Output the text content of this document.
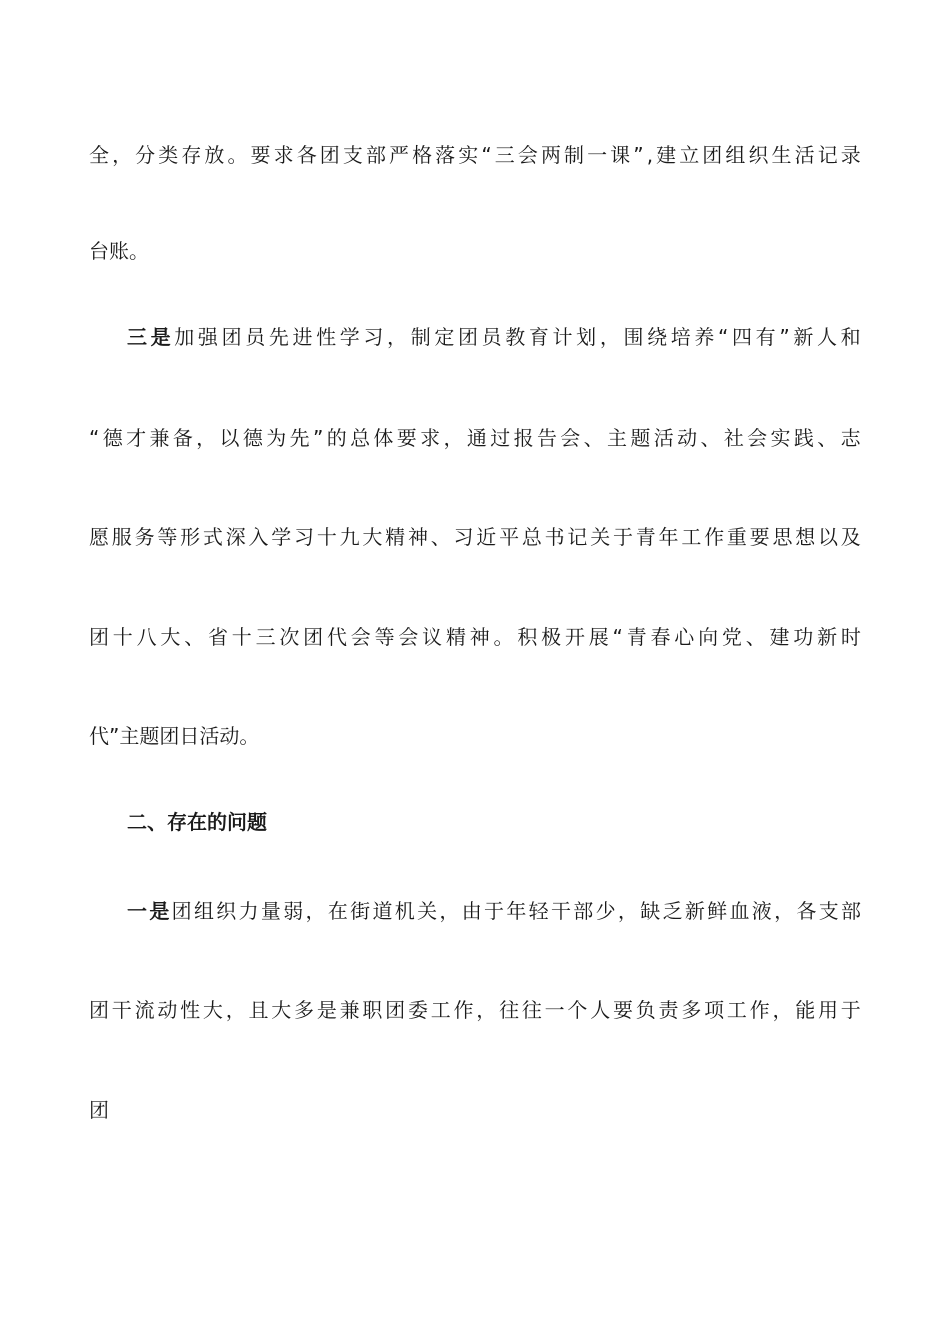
全 ， 分 类 存 放 。 要 求 各 团 支 部 严 格 落 实 “ 三 会 两 制 一 课 ” , 建 立 团 组 织 生 活 记 录
台账。
三 是 加 强 团 员 先 进 性 学 习 ， 制 定 团 员 教 育 计 划 ， 围 绕 培 养 “ 四 有 ” 新 人 和
“ 德 才 兼 备 ， 以 德 为 先 ” 的 总 体 要 求 ， 通 过 报 告 会 、 主 题 活 动 、 社 会 实 践 、 志
愿 服 务 等 形 式 深 入 学 习 十 九 大 精 神 、 习 近 平 总 书 记 关 于 青 年 工 作 重 要 思 想 以 及
团 十 八 大 、 省 十 三 次 团 代 会 等 会 议 精 神 。 积 极 开 展 “ 青 春 心 向 党 、 建 功 新 时
代”主题团日活动。
二、存在的问题
一 是 团 组 织 力 量 弱 ， 在 街 道 机 关 ， 由 于 年 轻 干 部 少 ， 缺 乏 新 鲜 血 液 ， 各 支 部
团 干 流 动 性 大 ， 且 大 多 是 兼 职 团 委 工 作 ， 往 往 一 个 人 要 负 责 多 项 工 作 ， 能 用 于
团
